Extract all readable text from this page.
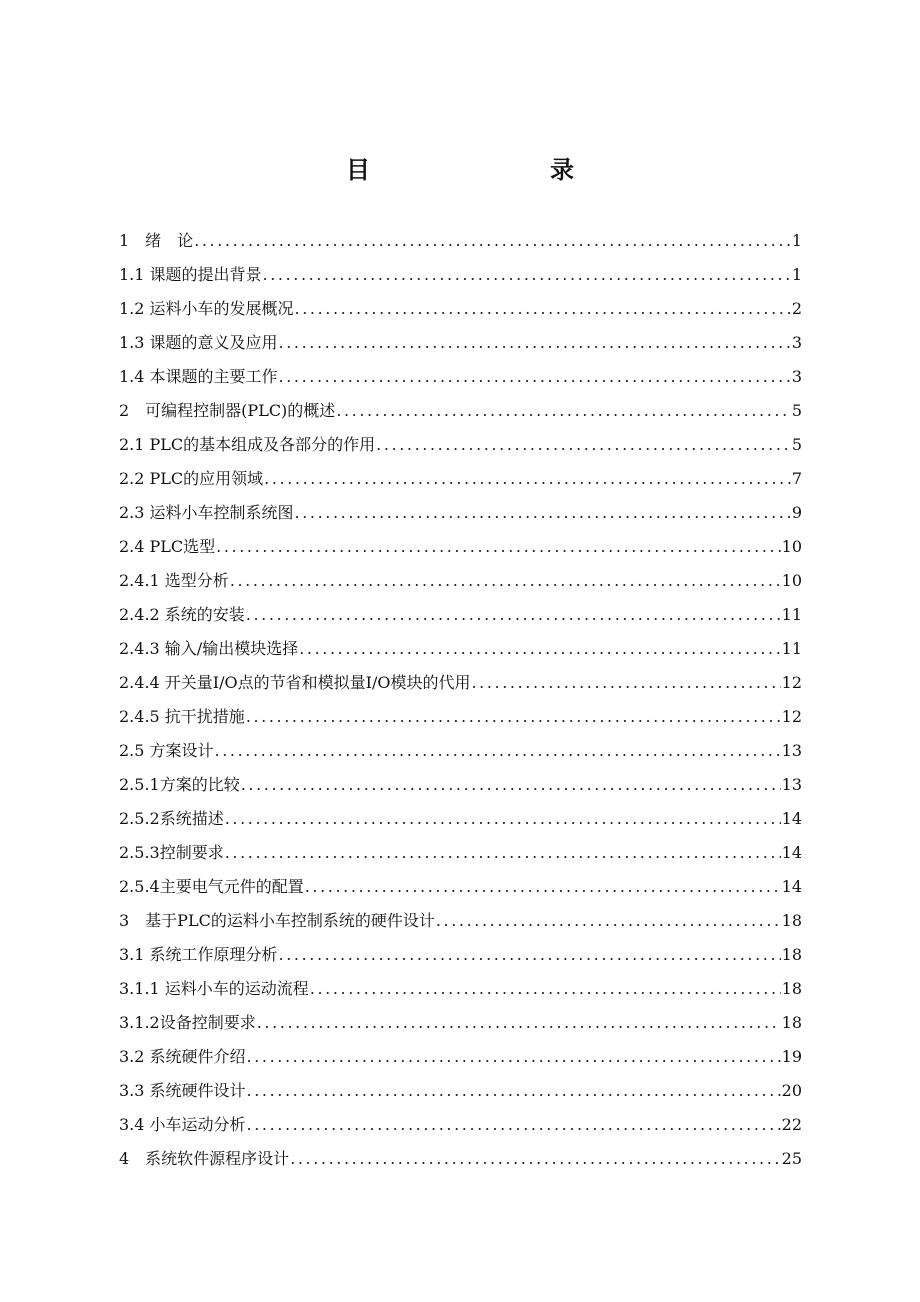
目　　录
1　绪　论 .....	1
1.1 课题的提出背景 .....	1
1.2 运料小车的发展概况 .....	2
1.3 课题的意义及应用 .....	3
1.4 本课题的主要工作 .....	3
2　可编程控制器(PLC)的概述 .....	5
2.1 PLC的基本组成及各部分的作用 .....	5
2.2 PLC的应用领域 .....	7
2.3 运料小车控制系统图 .....	9
2.4 PLC选型 .....	10
2.4.1 选型分析 .....	10
2.4.2 系统的安装 .....	11
2.4.3 输入/输出模块选择 .....	11
2.4.4 开关量I/O点的节省和模拟量I/O模块的代用 .....	12
2.4.5 抗干扰措施 .....	12
2.5 方案设计 .....	13
2.5.1方案的比较 .....	13
2.5.2系统描述 .....	14
2.5.3控制要求 .....	14
2.5.4主要电气元件的配置 .....	14
3　基于PLC的运料小车控制系统的硬件设计 .....	18
3.1 系统工作原理分析 .....	18
3.1.1 运料小车的运动流程 .....	18
3.1.2设备控制要求 .....	18
3.2 系统硬件介绍 .....	19
3.3 系统硬件设计 .....	20
3.4 小车运动分析 .....	22
4　系统软件源程序设计 .....	25
